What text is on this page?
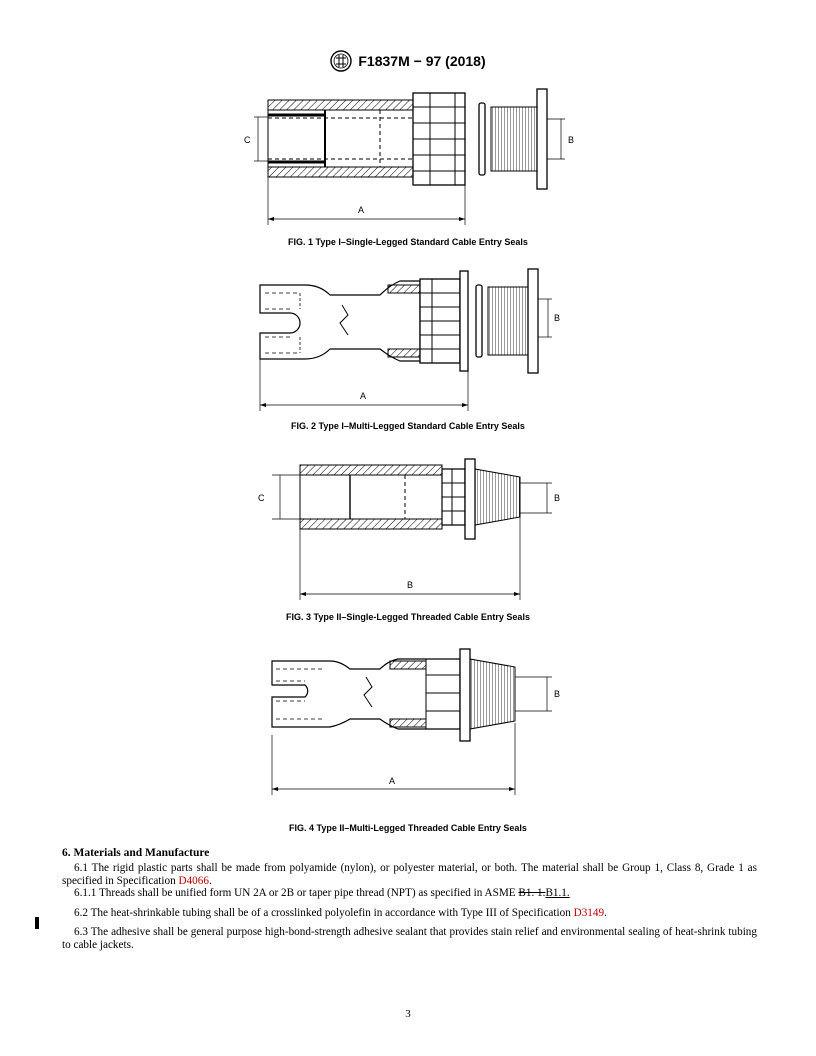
F1837M − 97 (2018)
C	B
A
FIG. 1 Type I–Single-Legged Standard Cable Entry Seals
B
A
FIG. 2 Type I–Multi-Legged Standard Cable Entry Seals
C	B
B
FIG. 3 Type II–Single-Legged Threaded Cable Entry Seals
B
A
FIG. 4 Type II–Multi-Legged Threaded Cable Entry Seals
6. Materials and Manufacture

6.1 The rigid plastic parts shall be made from polyamide (nylon), or polyester material, or both. The material shall be Group 1, Class 8, Grade 1 as specified in Specification D4066.

6.1.1 Threads shall be unified form UN 2A or 2B or taper pipe thread (NPT) as specified in ASME B1. 1.B1.1.

6.2 The heat-shrinkable tubing shall be of a crosslinked polyolefin in accordance with Type III of Specification D3149.

6.3 The adhesive shall be general purpose high-bond-strength adhesive sealant that provides stain relief and environmental sealing of heat-shrink tubing to cable jackets.

3
